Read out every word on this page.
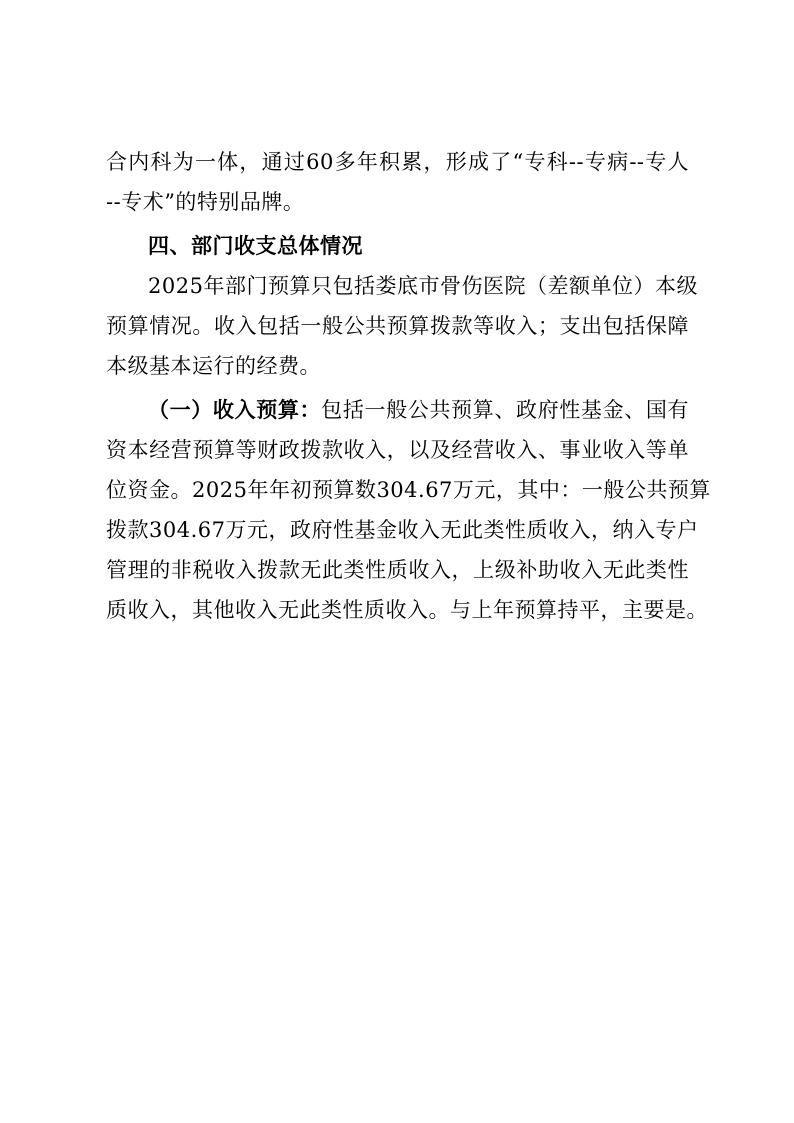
合内科为一体，通过60多年积累，形成了“专科--专病--专人
--专术”的特别品牌。
四、部门收支总体情况
2025年部门预算只包括娄底市骨伤医院（差额单位）本级
预算情况。收入包括一般公共预算拨款等收入；支出包括保障
本级基本运行的经费。
（一）收入预算：包括一般公共预算、政府性基金、国有
资本经营预算等财政拨款收入，以及经营收入、事业收入等单
位资金。2025年年初预算数304.67万元，其中：一般公共预算
拨款304.67万元，政府性基金收入无此类性质收入，纳入专户
管理的非税收入拨款无此类性质收入，上级补助收入无此类性
质收入，其他收入无此类性质收入。与上年预算持平，主要是。
